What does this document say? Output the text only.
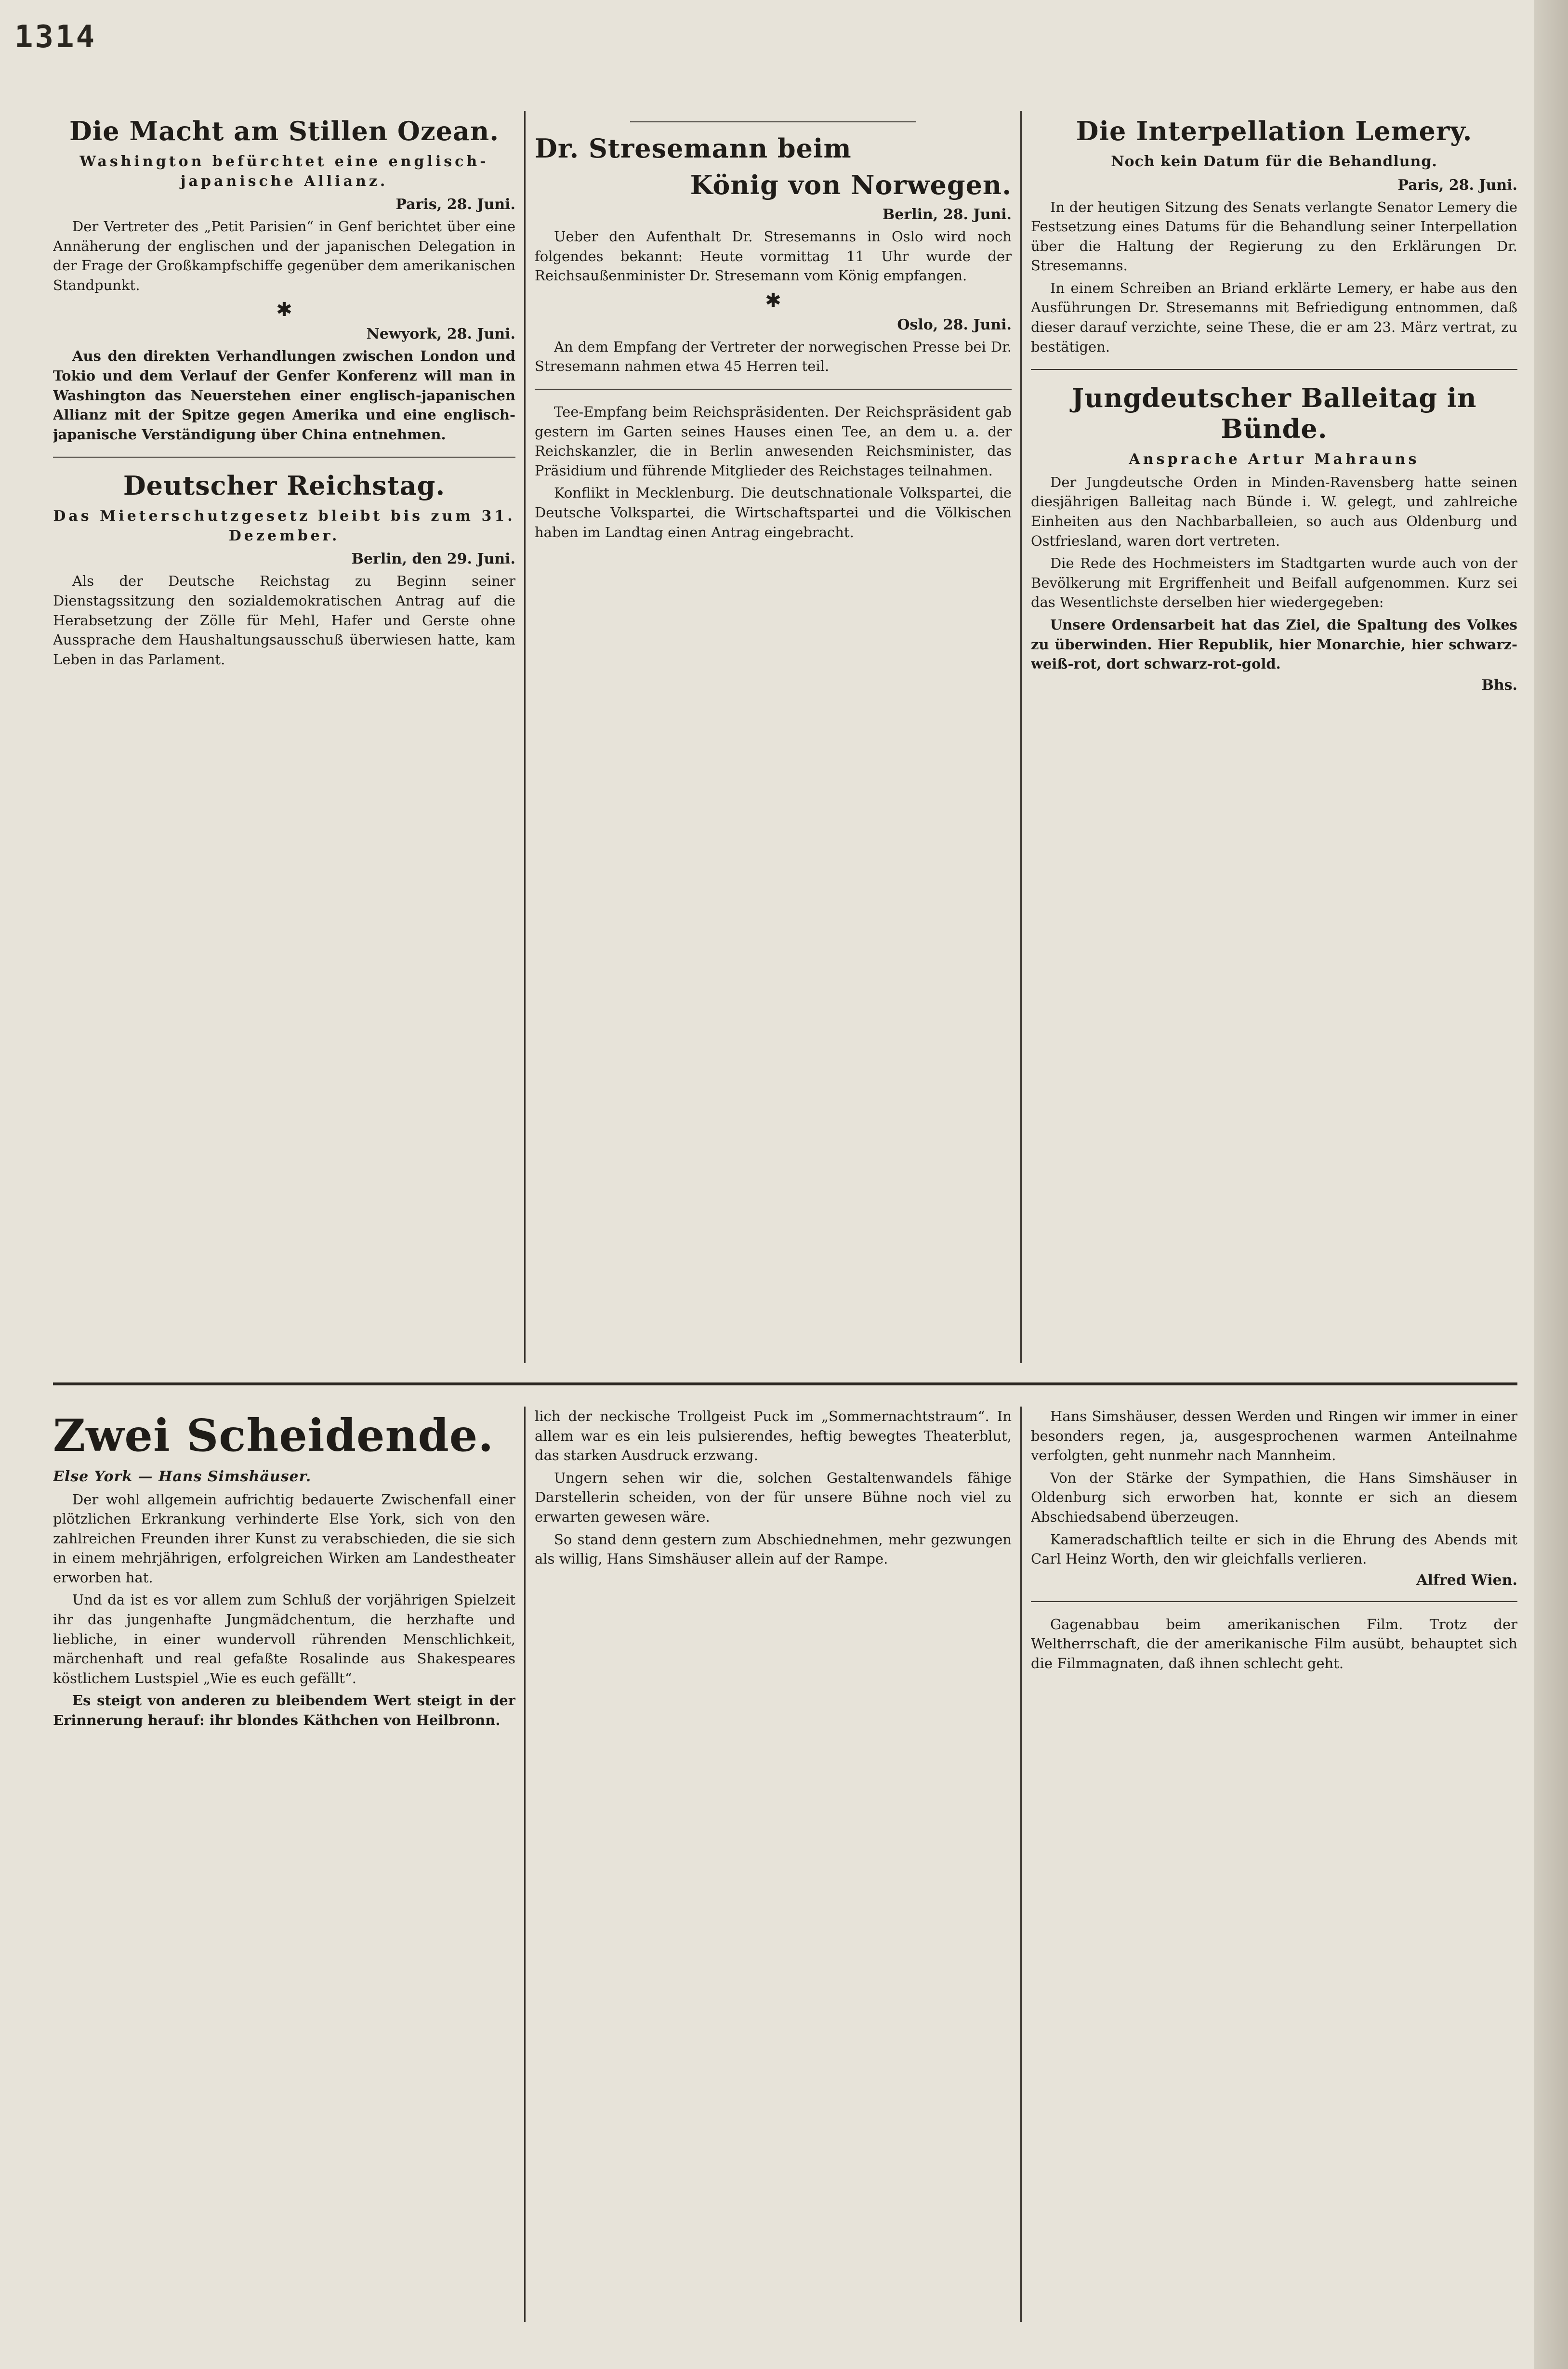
1314
Die Macht am Stillen Ozean.
Washington befürchtet eine englisch-japanische Allianz.
Paris, 28. Juni.

Der Vertreter des „Petit Parisien“ in Genf berichtet über eine Annäherung der englischen und der japanischen Delegation in der Frage der Großkampfschiffe gegenüber dem amerikanischen Standpunkt.

✱
Newyork, 28. Juni.

Aus den direkten Verhandlungen zwischen London und Tokio und dem Verlauf der Genfer Konferenz will man in Washington das Neuerstehen einer englisch-japanischen Allianz mit der Spitze gegen Amerika und eine englisch-japanische Verständigung über China entnehmen.

Deutscher Reichstag.
Das Mieterschutzgesetz bleibt bis zum 31. Dezember.
Berlin, den 29. Juni.

Als der Deutsche Reichstag zu Beginn seiner Dienstagssitzung den sozialdemokratischen Antrag auf die Herabsetzung der Zölle für Mehl, Hafer und Gerste ohne Aussprache dem Haushaltungsausschuß überwiesen hatte, kam Leben in das Parlament.

Dr. Stresemann beim
König von Norwegen.
Berlin, 28. Juni.

Ueber den Aufenthalt Dr. Stresemanns in Oslo wird noch folgendes bekannt: Heute vormittag 11 Uhr wurde der Reichsaußenminister Dr. Stresemann vom König empfangen.

✱
Oslo, 28. Juni.

An dem Empfang der Vertreter der norwegischen Presse bei Dr. Stresemann nahmen etwa 45 Herren teil.

Tee-Empfang beim Reichspräsidenten. Der Reichspräsident gab gestern im Garten seines Hauses einen Tee, an dem u. a. der Reichskanzler, die in Berlin anwesenden Reichsminister, das Präsidium und führende Mitglieder des Reichstages teilnahmen.

Konflikt in Mecklenburg. Die deutschnationale Volkspartei, die Deutsche Volkspartei, die Wirtschaftspartei und die Völkischen haben im Landtag einen Antrag eingebracht.

Die Interpellation Lemery.
Noch kein Datum für die Behandlung.
Paris, 28. Juni.

In der heutigen Sitzung des Senats verlangte Senator Lemery die Festsetzung eines Datums für die Behandlung seiner Interpellation über die Haltung der Regierung zu den Erklärungen Dr. Stresemanns.

In einem Schreiben an Briand erklärte Lemery, er habe aus den Ausführungen Dr. Stresemanns mit Befriedigung entnommen, daß dieser darauf verzichte, seine These, die er am 23. März vertrat, zu bestätigen.

Jungdeutscher Balleitag in Bünde.
Ansprache Artur Mahrauns

Der Jungdeutsche Orden in Minden-Ravensberg hatte seinen diesjährigen Balleitag nach Bünde i. W. gelegt, und zahlreiche Einheiten aus den Nachbarballeien, so auch aus Oldenburg und Ostfriesland, waren dort vertreten.

Die Rede des Hochmeisters im Stadtgarten wurde auch von der Bevölkerung mit Ergriffenheit und Beifall aufgenommen. Kurz sei das Wesentlichste derselben hier wiedergegeben:

Unsere Ordensarbeit hat das Ziel, die Spaltung des Volkes zu überwinden. Hier Republik, hier Monarchie, hier schwarz-weiß-rot, dort schwarz-rot-gold.

Bhs.
Zwei Scheidende.
Else York — Hans Simshäuser.

Der wohl allgemein aufrichtig bedauerte Zwischenfall einer plötzlichen Erkrankung verhinderte Else York, sich von den zahlreichen Freunden ihrer Kunst zu verabschieden, die sie sich in einem mehrjährigen, erfolgreichen Wirken am Landestheater erworben hat.

Und da ist es vor allem zum Schluß der vorjährigen Spielzeit ihr das jungenhafte Jungmädchentum, die herzhafte und liebliche, in einer wundervoll rührenden Menschlichkeit, märchenhaft und real gefaßte Rosalinde aus Shakespeares köstlichem Lustspiel „Wie es euch gefällt“.

Es steigt von anderen zu bleibendem Wert steigt in der Erinnerung herauf: ihr blondes Käthchen von Heilbronn.

lich der neckische Trollgeist Puck im „Sommernachtstraum“. In allem war es ein leis pulsierendes, heftig bewegtes Theaterblut, das starken Ausdruck erzwang.

Ungern sehen wir die, solchen Gestaltenwandels fähige Darstellerin scheiden, von der für unsere Bühne noch viel zu erwarten gewesen wäre.

So stand denn gestern zum Abschiednehmen, mehr gezwungen als willig, Hans Simshäuser allein auf der Rampe.

Hans Simshäuser, dessen Werden und Ringen wir immer in einer besonders regen, ja, ausgesprochenen warmen Anteilnahme verfolgten, geht nunmehr nach Mannheim.

Von der Stärke der Sympathien, die Hans Simshäuser in Oldenburg sich erworben hat, konnte er sich an diesem Abschiedsabend überzeugen.

Kameradschaftlich teilte er sich in die Ehrung des Abends mit Carl Heinz Worth, den wir gleichfalls verlieren.

Alfred Wien.

Gagenabbau beim amerikanischen Film. Trotz der Weltherrschaft, die der amerikanische Film ausübt, behauptet sich die Filmmagnaten, daß ihnen schlecht geht.
